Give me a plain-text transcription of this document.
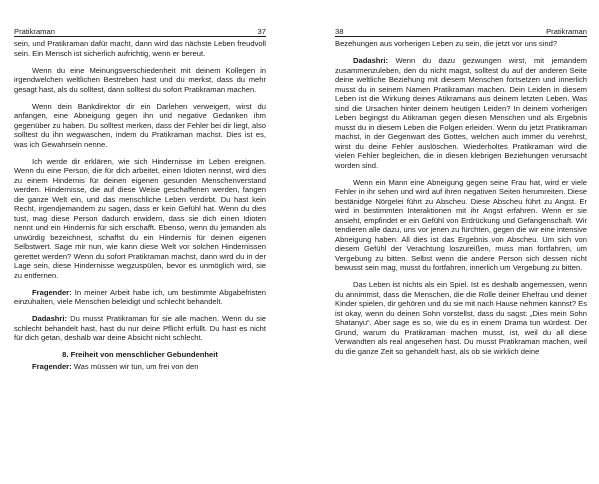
Pratikraman	37

sein, und Pratikraman dafür macht, dann wird das nächste Leben freudvoll sein. Ein Mensch ist sicherlich aufrichtig, wenn er bereut.

Wenn du eine Meinungsverschiedenheit mit deinem Kollegen in irgendwelchen weltlichen Bestreben hast und du merkst, dass du mehr gesagt hast, als du solltest, dann solltest du sofort Pratikraman machen.

Wenn dein Bankdirektor dir ein Darlehen verweigert, wirst du anfangen, eine Abneigung gegen ihn und negative Gedanken ihm gegenüber zu haben. Du solltest merken, dass der Fehler bei dir liegt, also solltest du ihn wegwaschen, indem du Pratikraman machst. Dies ist es, was ich Gewahrsein nenne.

Ich werde dir erklären, wie sich Hindernisse im Leben ereignen. Wenn du eine Person, die für dich arbeitet, einen Idioten nennst, wird dies zu einem Hindernis für deinen eigenen gesunden Menschenverstand werden. Hindernisse, die auf diese Weise geschaffenen werden, fangen die ganze Welt ein, und das menschliche Leben verdirbt. Du hast kein Recht, irgendjemandem zu sagen, dass er kein Gefühl hat. Wenn du dies tust, mag diese Person dadurch erwidern, dass sie dich einen Idioten nennt und ein Hindernis für sich erschafft. Ebenso, wenn du jemanden als unwürdig bezeichnest, schaffst du ein Hindernis für deinen eigenen Selbstwert. Sage mir nun, wie kann diese Welt vor solchen Hindernissen gerettet werden? Wenn du sofort Pratikraman machst, dann wird du in der Lage sein, diese Hindernisse wegzuspülen, bevor es unmöglich wird, sie zu entfernen.

Fragender: In meiner Arbeit habe ich, um bestimmte Abgabefristen einzuhalten, viele Menschen beleidigt und schlecht behandelt.

Dadashri: Du musst Pratikraman für sie alle machen. Wenn du sie schlecht behandelt hast, hast du nur deine Pflicht erfüllt. Du hast es nicht für dich getan, deshalb war deine Absicht nicht schlecht.

8. Freiheit von menschlicher Gebundenheit

Fragender: Was müssen wir tun, um frei von den

38	Pratikraman

Bezehungen aus vorherigen Leben zu sein, die jetzt vor uns sind?

Dadashri: Wenn du dazu gezwungen wirst, mit jemandem zusammenzuleben, den du nicht magst, solltest du auf der anderen Seite deine weltliche Beziehung mit diesem Menschen fortsetzen und innerlich musst du in seinem Namen Pratikraman machen. Dein Leiden in diesem Leben ist die Wirkung deines Atikramans aus deinem letzten Leben. Was sind die Ursachen hinter deinem heutigen Leiden? In deinem vorherigen Leben begingst du Atikraman gegen diesen Menschen und als Ergebnis musst du in diesem Leben die Folgen erleiden. Wenn du jetzt Pratikraman machst, in der Gegenwart des Gottes, welchen auch immer du verehrst, wirst du deine Fehler auslöschen. Wiederholtes Pratikraman wird die vielen Fehler begleichen, die in diesen klebrigen Beziehungen verursacht worden sind.

Wenn ein Mann eine Abneigung gegen seine Frau hat, wird er viele Fehler in ihr sehen und wird auf ihren negativen Seiten herumreiten. Diese bestänidge Nörgelei führt zu Abscheu. Diese Abscheu führt zu Angst. Er wird in bestimmten Interaktionen mit ihr Angst erfahren. Wenn er sie ansieht, empfindet er ein Gefühl von Erdrückung und Gefangenschaft. Wir tendieren alle dazu, uns vor jenen zu fürchten, gegen die wir eine intensive Abneigung haben. All dies ist das Ergebnis von Abscheu. Um sich von diesem Gefühl der Verachtung loszureißen, muss man fortfahren, um Vergebung zu bitten. Selbst wenn die andere Person sich dessen nicht bewusst sein mag, musst du fortfahren, innerlich um Vergebung zu bitten.

Das Leben ist nichts als ein Spiel. Ist es deshalb angemessen, wenn du annimmst, dass die Menschen, die die Rolle deiner Ehefrau und deiner Kinder spielen, dir gehören und du sie mit nach Hause nehmen kannst? Es ist okay, wenn du deinen Sohn vorstellst, dass du sagst: „Dies mein Sohn Shatanyu“. Aber sage es so, wie du es in einem Drama tun würdest. Der Grund, warum du Pratikraman machen musst, ist, weil du all diese Verwandten als real angesehen hast. Du musst Pratikraman machen, weil du die ganze Zeit so gehandelt hast, als ob sie wirklich deine
